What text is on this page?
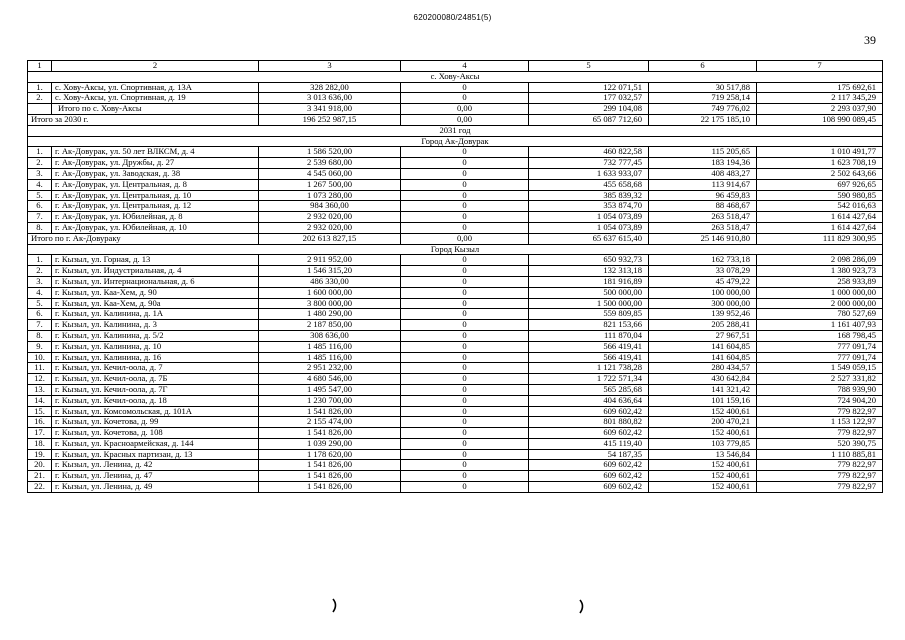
620200080/24851(5)
39
1	2	3	4	5	6	7
с. Хову-Аксы						
1.	с. Хову-Аксы, ул. Спортивная, д. 13А	328 282,00	0	122 071,51	30 517,88	175 692,61
2.	с. Хову-Аксы, ул. Спортивная, д. 19	3 013 636,00	0	177 032,57	719 258,14	2 117 345,29
	Итого по с. Хову-Аксы	3 341 918,00	0,00	299 104,08	749 776,02	2 293 037,90
Итого за 2030 г.		196 252 987,15	0,00	65 087 712,60	22 175 185,10	108 990 089,45
2031 год						
Город Ак-Довурак						
1.	г. Ак-Довурак, ул. 50 лет ВЛКСМ, д. 4	1 586 520,00	0	460 822,58	115 205,65	1 010 491,77
2.	г. Ак-Довурак, ул. Дружбы, д. 27	2 539 680,00	0	732 777,45	183 194,36	1 623 708,19
3.	г. Ак-Довурак, ул. Заводская, д. 38	4 545 060,00	0	1 633 933,07	408 483,27	2 502 643,66
4.	г. Ак-Довурак, ул. Центральная, д. 8	1 267 500,00	0	455 658,68	113 914,67	697 926,65
5.	г. Ак-Довурак, ул. Центральная, д. 10	1 073 280,00	0	385 839,32	96 459,83	590 980,85
6.	г. Ак-Довурак, ул. Центральная, д. 12	984 360,00	0	353 874,70	88 468,67	542 016,63
7.	г. Ак-Довурак, ул. Юбилейная, д. 8	2 932 020,00	0	1 054 073,89	263 518,47	1 614 427,64
8.	г. Ак-Довурак, ул. Юбилейная, д. 10	2 932 020,00	0	1 054 073,89	263 518,47	1 614 427,64
Итого по г. Ак-Довураку		202 613 827,15	0,00	65 637 615,40	25 146 910,80	111 829 300,95
Город Кызыл						
1.	г. Кызыл, ул. Горная, д. 13	2 911 952,00	0	650 932,73	162 733,18	2 098 286,09
2.	г. Кызыл, ул. Индустриальная, д. 4	1 546 315,20	0	132 313,18	33 078,29	1 380 923,73
3.	г. Кызыл, ул. Интернациональная, д. 6	486 330,00	0	181 916,89	45 479,22	258 933,89
4.	г. Кызыл, ул. Каа-Хем, д. 90	1 600 000,00	0	500 000,00	100 000,00	1 000 000,00
5.	г. Кызыл, ул. Каа-Хем, д. 90а	3 800 000,00	0	1 500 000,00	300 000,00	2 000 000,00
6.	г. Кызыл, ул. Калинина, д. 1А	1 480 290,00	0	559 809,85	139 952,46	780 527,69
7.	г. Кызыл, ул. Калинина, д. 3	2 187 850,00	0	821 153,66	205 288,41	1 161 407,93
8.	г. Кызыл, ул. Калинина, д. 5/2	308 636,00	0	111 870,04	27 967,51	168 798,45
9.	г. Кызыл, ул. Калинина, д. 10	1 485 116,00	0	566 419,41	141 604,85	777 091,74
10.	г. Кызыл, ул. Калинина, д. 16	1 485 116,00	0	566 419,41	141 604,85	777 091,74
11.	г. Кызыл, ул. Кечил-оола, д. 7	2 951 232,00	0	1 121 738,28	280 434,57	1 549 059,15
12.	г. Кызыл, ул. Кечил-оола, д. 7Б	4 680 546,00	0	1 722 571,34	430 642,84	2 527 331,82
13.	г. Кызыл, ул. Кечил-оола, д. 7Г	1 495 547,00	0	565 285,68	141 321,42	788 939,90
14.	г. Кызыл, ул. Кечил-оола, д. 18	1 230 700,00	0	404 636,64	101 159,16	724 904,20
15.	г. Кызыл, ул. Комсомольская, д. 101А	1 541 826,00	0	609 602,42	152 400,61	779 822,97
16.	г. Кызыл, ул. Кочетова, д. 99	2 155 474,00	0	801 880,82	200 470,21	1 153 122,97
17.	г. Кызыл, ул. Кочетова, д. 108	1 541 826,00	0	609 602,42	152 400,61	779 822,97
18.	г. Кызыл, ул. Красноармейская, д. 144	1 039 290,00	0	415 119,40	103 779,85	520 390,75
19.	г. Кызыл, ул. Красных партизан, д. 13	1 178 620,00	0	54 187,35	13 546,84	1 110 885,81
20.	г. Кызыл, ул. Ленина, д. 42	1 541 826,00	0	609 602,42	152 400,61	779 822,97
21.	г. Кызыл, ул. Ленина, д. 47	1 541 826,00	0	609 602,42	152 400,61	779 822,97
22.	г. Кызыл, ул. Ленина, д. 49	1 541 826,00	0	609 602,42	152 400,61	779 822,97
